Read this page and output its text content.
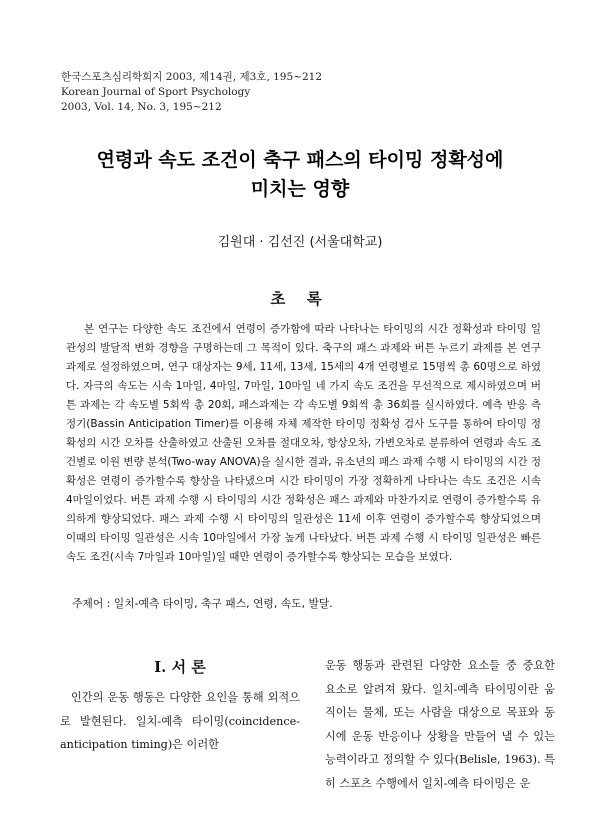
한국스포츠심리학회지 2003, 제14권, 제3호, 195~212
Korean Journal of Sport Psychology
2003, Vol. 14, No. 3, 195~212
연령과 속도 조건이 축구 패스의 타이밍 정확성에
미치는 영향
김원대 · 김선진 (서울대학교)
초 록

본 연구는 다양한 속도 조건에서 연령이 증가함에 따라 나타나는 타이밍의 시간 정확성과 타이밍 일관성의 발달적 변화 경향을 구명하는데 그 목적이 있다. 축구의 패스 과제와 버튼 누르기 과제를 본 연구 과제로 설정하였으며, 연구 대상자는 9세, 11세, 13세, 15세의 4개 연령별로 15명씩 총 60명으로 하였다. 자극의 속도는 시속 1마일, 4마일, 7마일, 10마일 네 가지 속도 조건을 무선적으로 제시하였으며 버튼 과제는 각 속도별 5회씩 총 20회, 패스과제는 각 속도별 9회씩 총 36회를 실시하였다. 예측 반응 측정기(Bassin Anticipation Timer)를 이용해 자체 제작한 타이밍 정확성 검사 도구를 통하여 타이밍 정확성의 시간 오차를 산출하였고 산출된 오차를 절대오차, 항상오차, 가변오차로 분류하여 연령과 속도 조건별로 이원 변량 분석(Two-way ANOVA)을 실시한 결과, 유소년의 패스 과제 수행 시 타이밍의 시간 정확성은 연령이 증가할수록 향상을 나타냈으며 시간 타이밍이 가장 정확하게 나타나는 속도 조건은 시속 4마일이었다. 버튼 과제 수행 시 타이밍의 시간 정확성은 패스 과제와 마찬가지로 연령이 증가할수록 유의하게 향상되었다. 패스 과제 수행 시 타이밍의 일관성은 11세 이후 연령이 증가할수록 향상되었으며 이때의 타이밍 일관성은 시속 10마일에서 가장 높게 나타났다. 버튼 과제 수행 시 타이밍 일관성은 빠른 속도 조건(시속 7마일과 10마일)일 때만 연령이 증가할수록 향상되는 모습을 보였다.

주제어 : 일치-예측 타이밍, 축구 패스, 연령, 속도, 발달.
Ⅰ. 서 론

인간의 운동 행동은 다양한 요인을 통해 외적으로 발현된다. 일치-예측 타이밍(coincidence- anticipation timing)은 이러한

운동 행동과 관련된 다양한 요소들 중 중요한 요소로 알려져 왔다. 일치-예측 타이밍이란 움직이는 물체, 또는 사람을 대상으로 목표와 동시에 운동 반응이나 상황을 만들어 낼 수 있는 능력이라고 정의할 수 있다(Belisle, 1963). 특히 스포츠 수행에서 일치-예측 타이밍은 운
